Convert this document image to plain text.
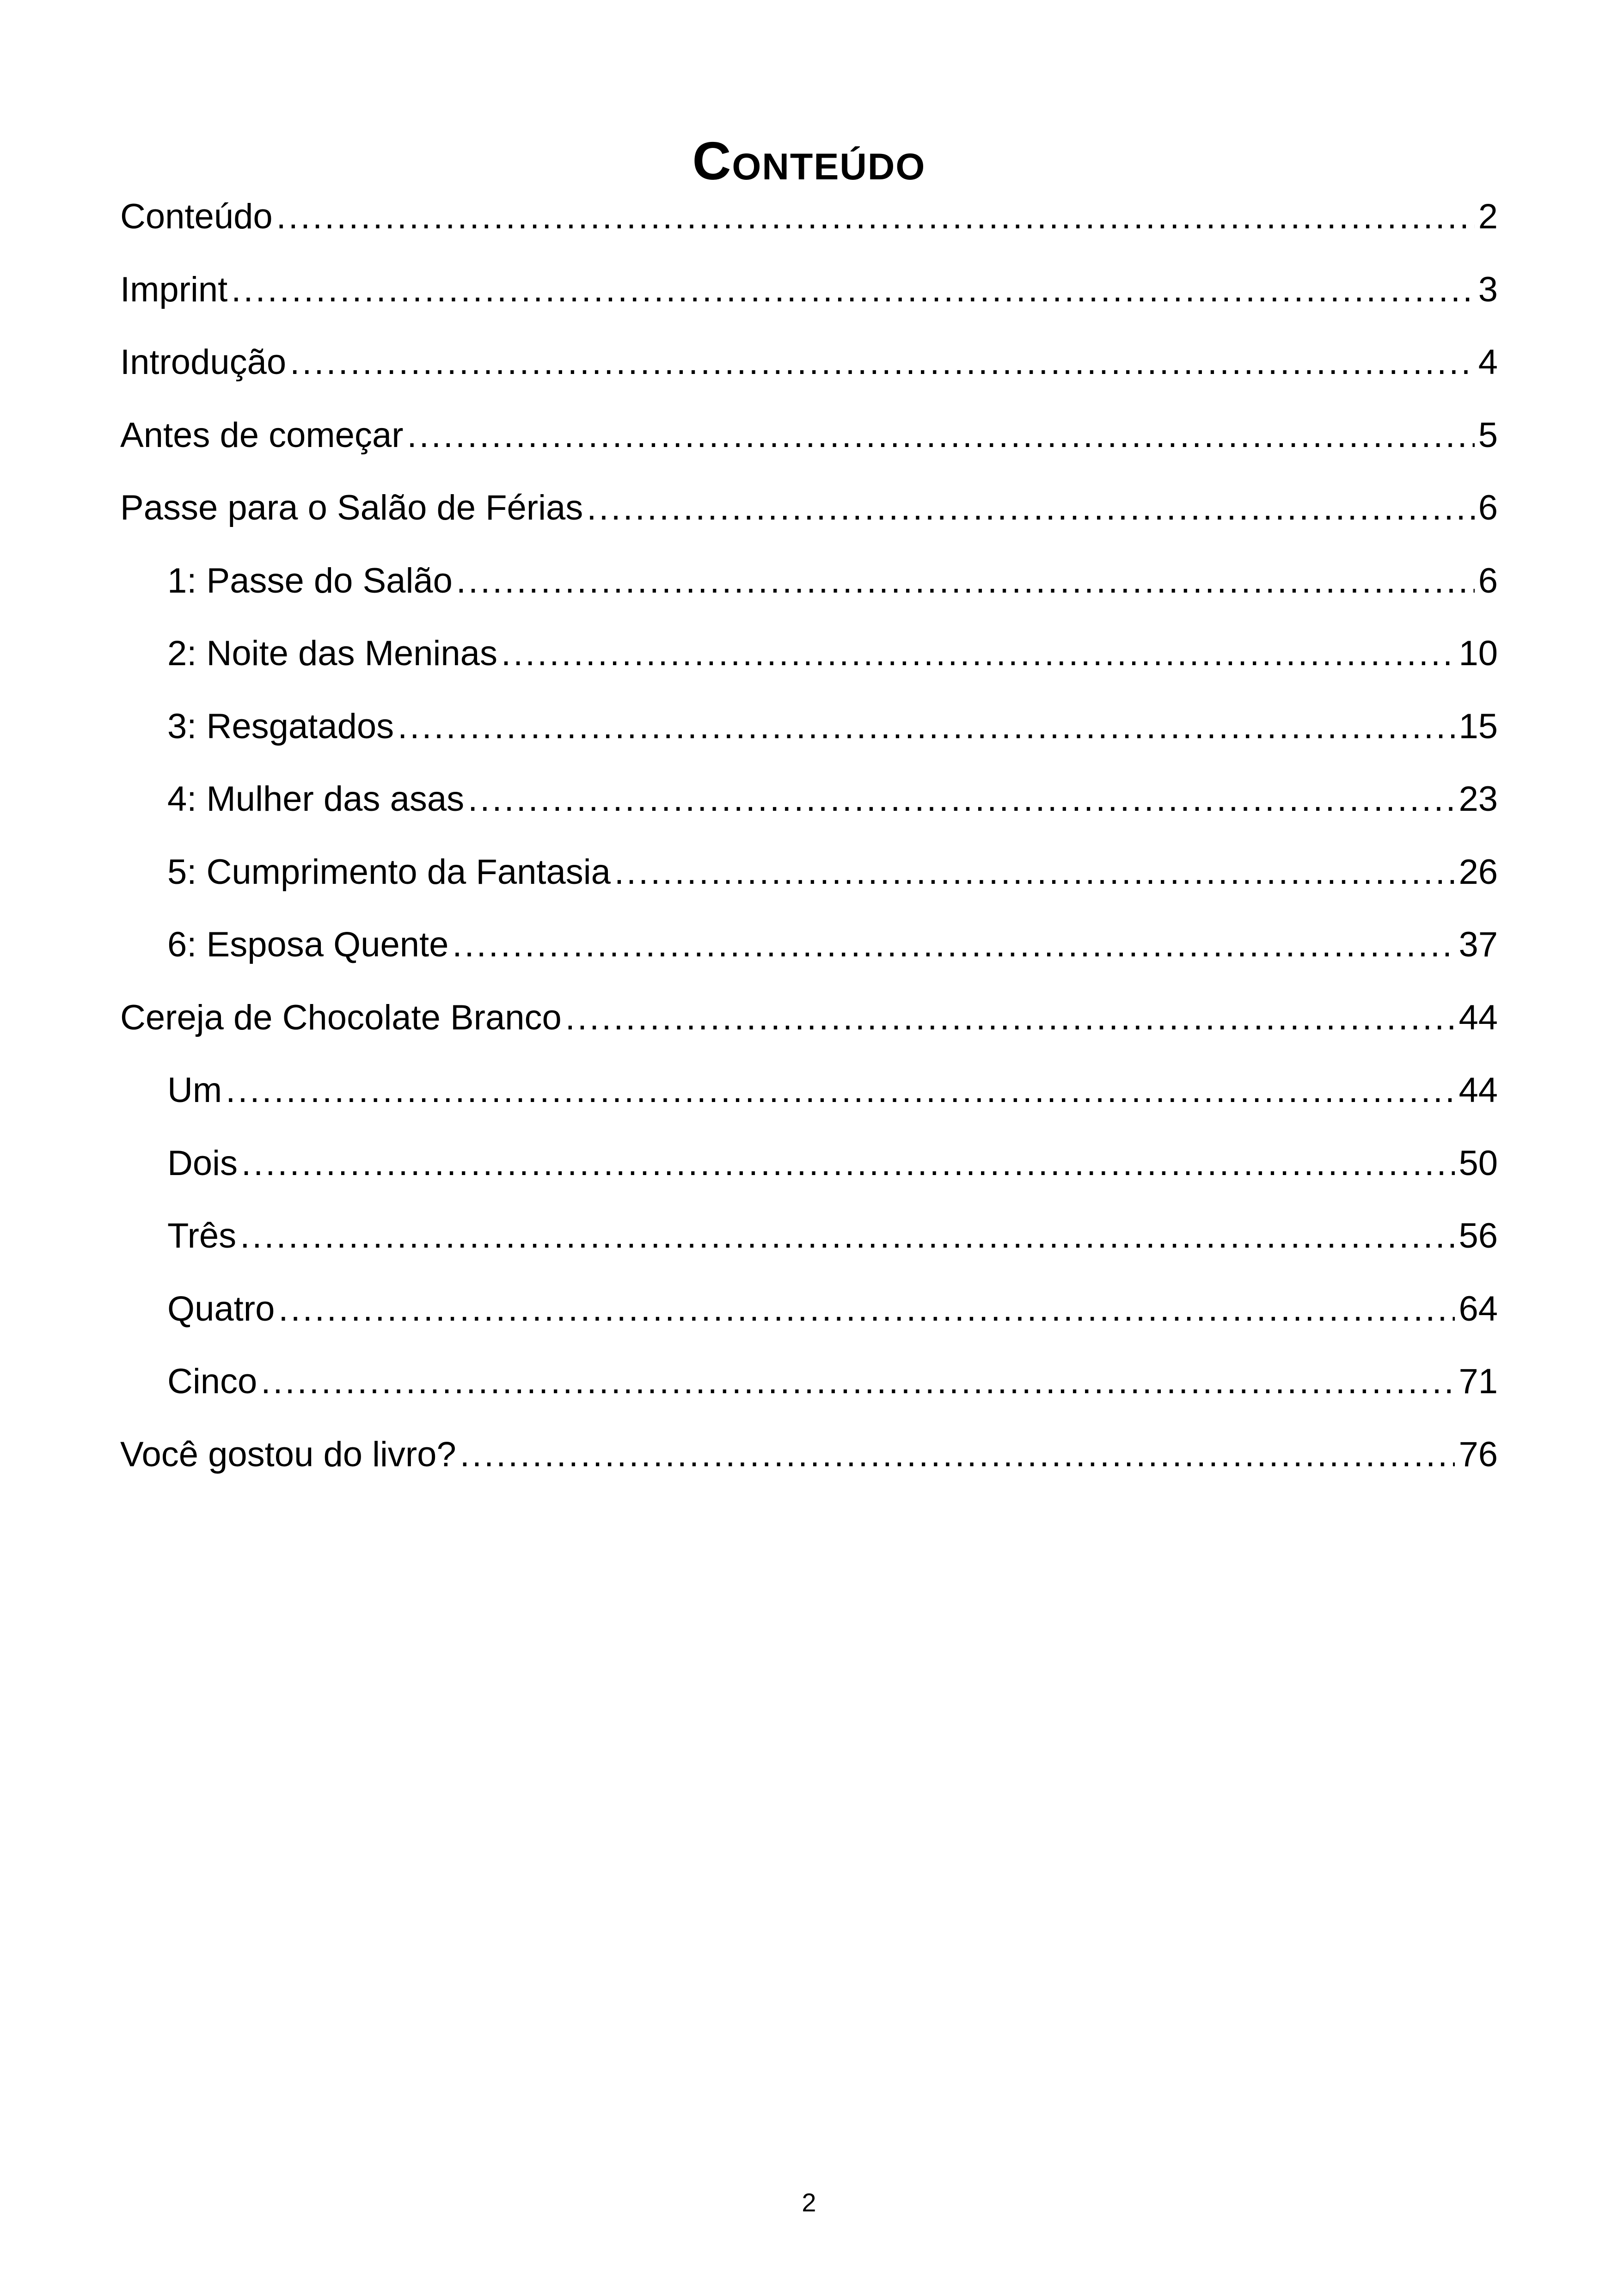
Conteúdo
Conteúdo .....	2
Imprint .....	3
Introdução .....	4
Antes de começar .....	5
Passe para o Salão de Férias .....	6
1: Passe do Salão .....	6
2: Noite das Meninas .....	10
3: Resgatados .....	15
4: Mulher das asas .....	23
5: Cumprimento da Fantasia .....	26
6: Esposa Quente .....	37
Cereja de Chocolate Branco .....	44
Um .....	44
Dois .....	50
Três .....	56
Quatro .....	64
Cinco .....	71
Você gostou do livro? .....	76
2
